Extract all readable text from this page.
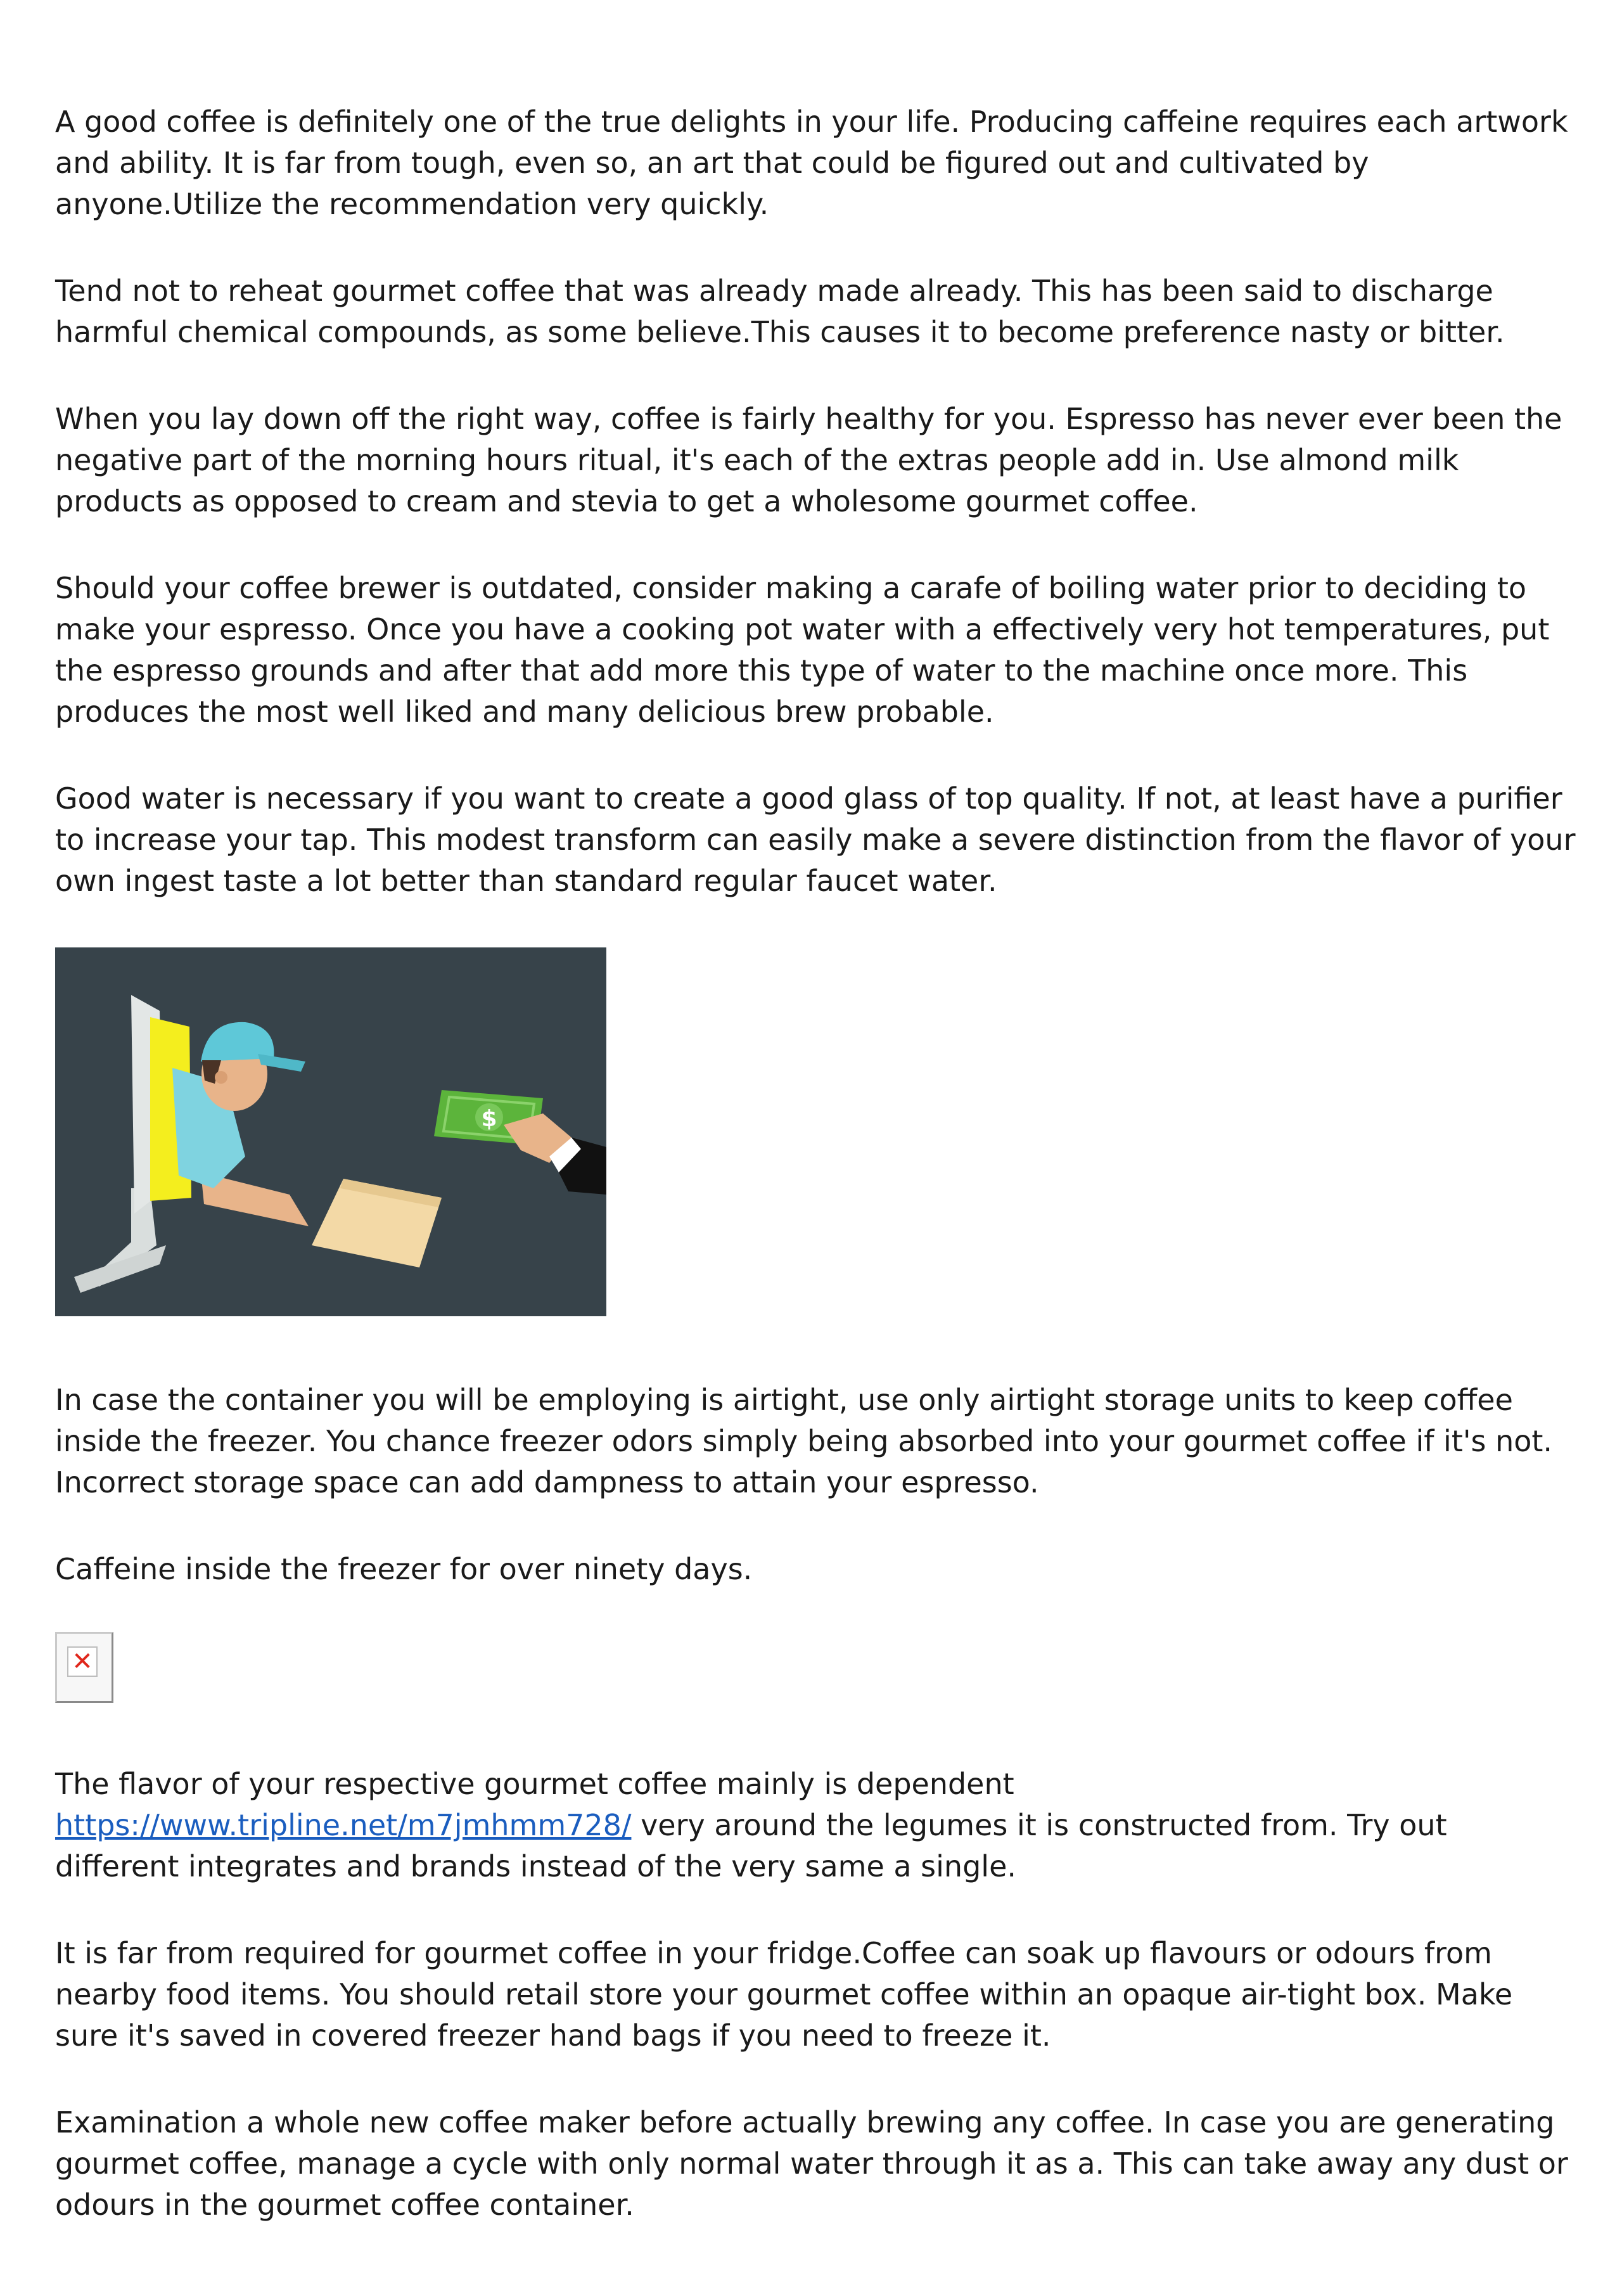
A good coffee is definitely one of the true delights in your life. Producing caffeine requires each artwork and ability. It is far from tough, even so, an art that could be figured out and cultivated by anyone.Utilize the recommendation very quickly.

Tend not to reheat gourmet coffee that was already made already. This has been said to discharge harmful chemical compounds, as some believe.This causes it to become preference nasty or bitter.

When you lay down off the right way, coffee is fairly healthy for you. Espresso has never ever been the negative part of the morning hours ritual, it's each of the extras people add in. Use almond milk products as opposed to cream and stevia to get a wholesome gourmet coffee.

Should your coffee brewer is outdated, consider making a carafe of boiling water prior to deciding to make your espresso. Once you have a cooking pot water with a effectively very hot temperatures, put the espresso grounds and after that add more this type of water to the machine once more. This produces the most well liked and many delicious brew probable.

Good water is necessary if you want to create a good glass of top quality. If not, at least have a purifier to increase your tap. This modest transform can easily make a severe distinction from the flavor of your own ingest taste a lot better than standard regular faucet water.

$

In case the container you will be employing is airtight, use only airtight storage units to keep coffee inside the freezer. You chance freezer odors simply being absorbed into your gourmet coffee if it's not. Incorrect storage space can add dampness to attain your espresso.

Caffeine inside the freezer for over ninety days.

✕

The flavor of your respective gourmet coffee mainly is dependent https://www.tripline.net/m7jmhmm728/ very around the legumes it is constructed from. Try out different integrates and brands instead of the very same a single.

It is far from required for gourmet coffee in your fridge.Coffee can soak up flavours or odours from nearby food items. You should retail store your gourmet coffee within an opaque air-tight box. Make sure it's saved in covered freezer hand bags if you need to freeze it.

Examination a whole new coffee maker before actually brewing any coffee. In case you are generating gourmet coffee, manage a cycle with only normal water through it as a. This can take away any dust or odours in the gourmet coffee container.
